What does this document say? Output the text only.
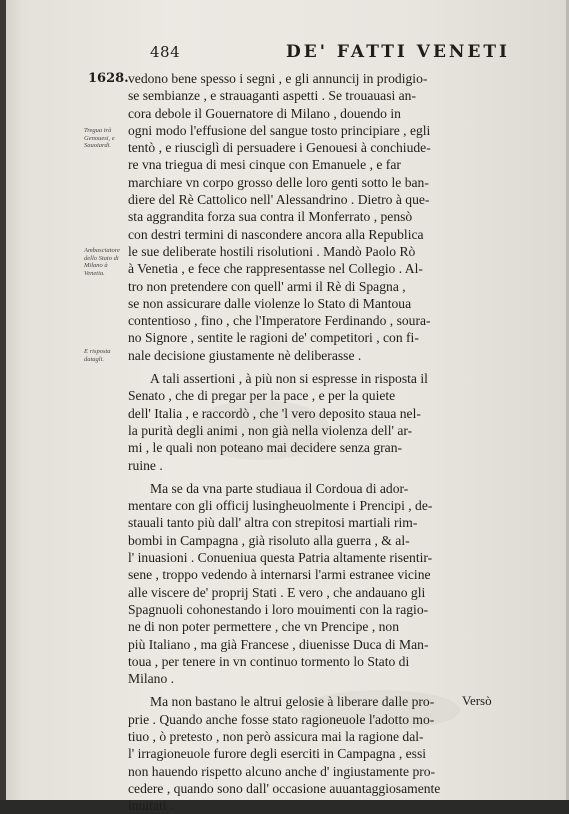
484	DE' FATTI VENETI
1628.
Tregua trà Genouesi, e Sauoiardi.
Ambasciatore dello Stato di Milano à Venetia.
E risposta datagli.
vedono bene spesso i segni , e gli annuncij in prodigio-
se sembianze , e strauaganti aspetti . Se trouauasi an-
cora debole il Gouernatore di Milano , douendo in
ogni modo l'effusione del sangue tosto principiare , egli
tentò , e riusciglì di persuadere i Genouesi à conchiude-
re vna triegua di mesi cinque con Emanuele , e far
marchiare vn corpo grosso delle loro genti sotto le ban-
diere del Rè Cattolico nell' Alessandrino . Dietro à que-
sta aggrandita forza sua contra il Monferrato , pensò
con destri termini di nascondere ancora alla Republica
le sue deliberate hostili risolutioni . Mandò Paolo Rò
à Venetia , e fece che rappresentasse nel Collegio . Al-
tro non pretendere con quell' armi il Rè di Spagna ,
se non assicurare dalle violenze lo Stato di Mantoua
contentioso , fino , che l'Imperatore Ferdinando , soura-
no Signore , sentite le ragioni de' competitori , con fi-
nale decisione giustamente nè deliberasse .
A tali assertioni , à più non si espresse in risposta il
Senato , che di pregar per la pace , e per la quiete
dell' Italia , e raccordò , che 'l vero deposito staua nel-
la purità degli animi , non già nella violenza dell' ar-
mi , le quali non poteano mai decidere senza gran-
ruine .
Ma se da vna parte studiaua il Cordoua di ador-
mentare con gli officij lusingheuolmente i Prencipi , de-
stauali tanto più dall' altra con strepitosi martiali rim-
bombi in Campagna , già risoluto alla guerra , & al-
l' inuasioni . Conueniua questa Patria altamente risentir-
sene , troppo vedendo à internarsi l'armi estranee vicine
alle viscere de' proprij Stati . E vero , che andauano gli
Spagnuoli cohonestando i loro mouimenti con la ragio-
ne di non poter permettere , che vn Prencipe , non
più Italiano , ma già Francese , diuenisse Duca di Man-
toua , per tenere in vn continuo tormento lo Stato di
Milano .
Ma non bastano le altrui gelosie à liberare dalle pro-
prie . Quando anche fosse stato ragioneuole l'adotto mo-
tiuo , ò pretesto , non però assicura mai la ragione dal-
l' irragioneuole furore degli eserciti in Campagna , essi
non hauendo rispetto alcuno anche d' ingiustamente pro-
cedere , quando sono dall' occasione auuantaggiosamente
inuitati .
Versò
